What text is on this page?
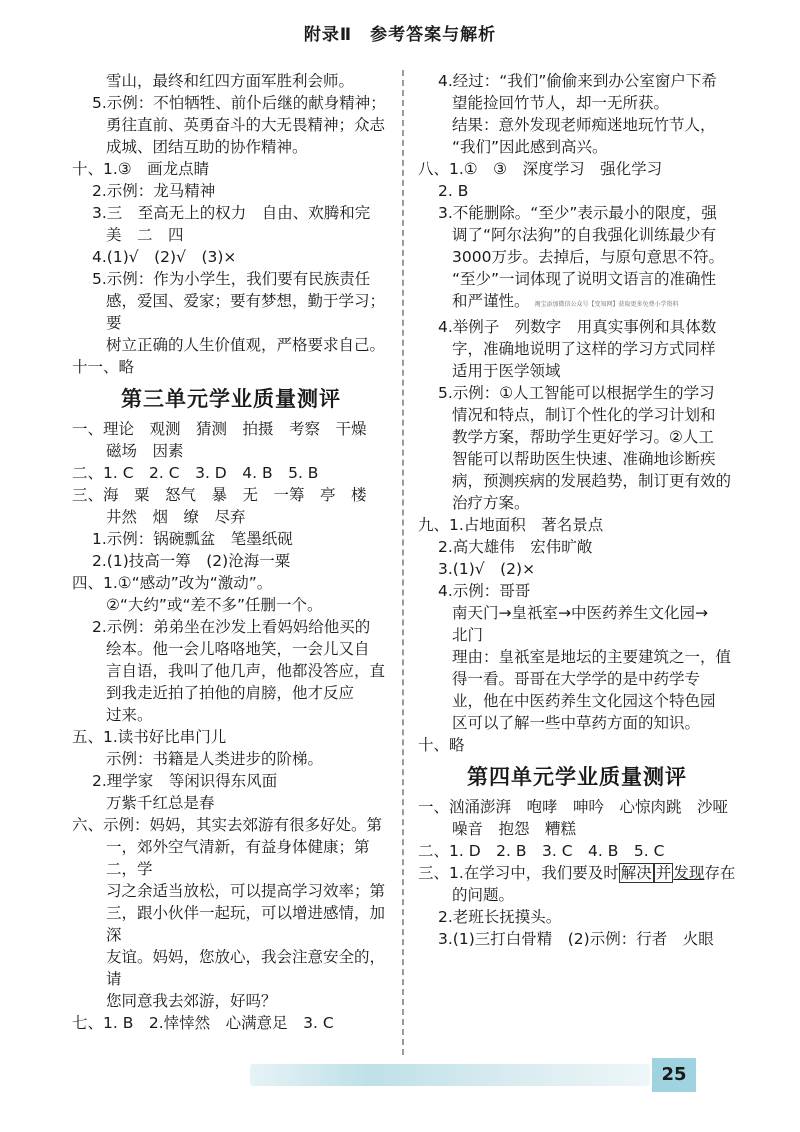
附录Ⅱ 参考答案与解析
雪山，最终和红四方面军胜利会师。
5.示例：不怕牺牲、前仆后继的献身精神；
勇往直前、英勇奋斗的大无畏精神；众志
成城、团结互助的协作精神。
十、1.③　画龙点睛
2.示例：龙马精神
3.三　至高无上的权力　自由、欢腾和完
美　二　四
4.(1)√　(2)√　(3)×
5.示例：作为小学生，我们要有民族责任
感，爱国、爱家；要有梦想，勤于学习；要
树立正确的人生价值观，严格要求自己。
十一、略
第三单元学业质量测评
一、理论　观测　猜测　拍摄　考察　干燥
磁场　因素
二、1. C　2. C　3. D　4. B　5. B
三、海　粟　怒气　暴　无　一筹　亭　楼
井然　烟　缭　尽弃
1.示例：锅碗瓢盆　笔墨纸砚
2.(1)技高一筹　(2)沧海一粟
四、1.①“感动”改为“激动”。
②“大约”或“差不多”任删一个。
2.示例：弟弟坐在沙发上看妈妈给他买的
绘本。他一会儿咯咯地笑，一会儿又自
言自语，我叫了他几声，他都没答应，直
到我走近拍了拍他的肩膀，他才反应
过来。
五、1.读书好比串门儿
示例：书籍是人类进步的阶梯。
2.理学家　等闲识得东风面
万紫千红总是春
六、示例：妈妈，其实去郊游有很多好处。第
一，郊外空气清新，有益身体健康；第二，学
习之余适当放松，可以提高学习效率；第
三，跟小伙伴一起玩，可以增进感情，加深
友谊。妈妈，您放心，我会注意安全的，请
您同意我去郊游，好吗？
七、1. B　2.悻悻然　心满意足　3. C
4.经过：“我们”偷偷来到办公室窗户下希
望能捡回竹节人，却一无所获。
结果：意外发现老师痴迷地玩竹节人，
“我们”因此感到高兴。
八、1.①　③　深度学习　强化学习
2. B
3.不能删除。“至少”表示最小的限度，强
调了“阿尔法狗”的自我强化训练最少有
3000万步。去掉后，与原句意思不符。
“至少”一词体现了说明文语言的准确性
和严谨性。 淘宝添加微信公众号【变知网】获取更多免费小学资料
4.举例子　列数字　用真实事例和具体数
字，准确地说明了这样的学习方式同样
适用于医学领域
5.示例：①人工智能可以根据学生的学习
情况和特点，制订个性化的学习计划和
教学方案，帮助学生更好学习。②人工
智能可以帮助医生快速、准确地诊断疾
病，预测疾病的发展趋势，制订更有效的
治疗方案。
九、1.占地面积　著名景点
2.高大雄伟　宏伟旷敞
3.(1)√　(2)×
4.示例：哥哥
南天门→皇祇室→中医药养生文化园→
北门
理由：皇祇室是地坛的主要建筑之一，值
得一看。哥哥在大学学的是中药学专
业，他在中医药养生文化园这个特色园
区可以了解一些中草药方面的知识。
十、略
第四单元学业质量测评
一、汹涌澎湃　咆哮　呻吟　心惊肉跳　沙哑
噪音　抱怨　糟糕
二、1. D　2. B　3. C　4. B　5. C
三、1.在学习中，我们要及时 解决 并 发现存在
的问题。
2.老班长抚摸头。
3.(1)三打白骨精　(2)示例：行者　火眼
25
